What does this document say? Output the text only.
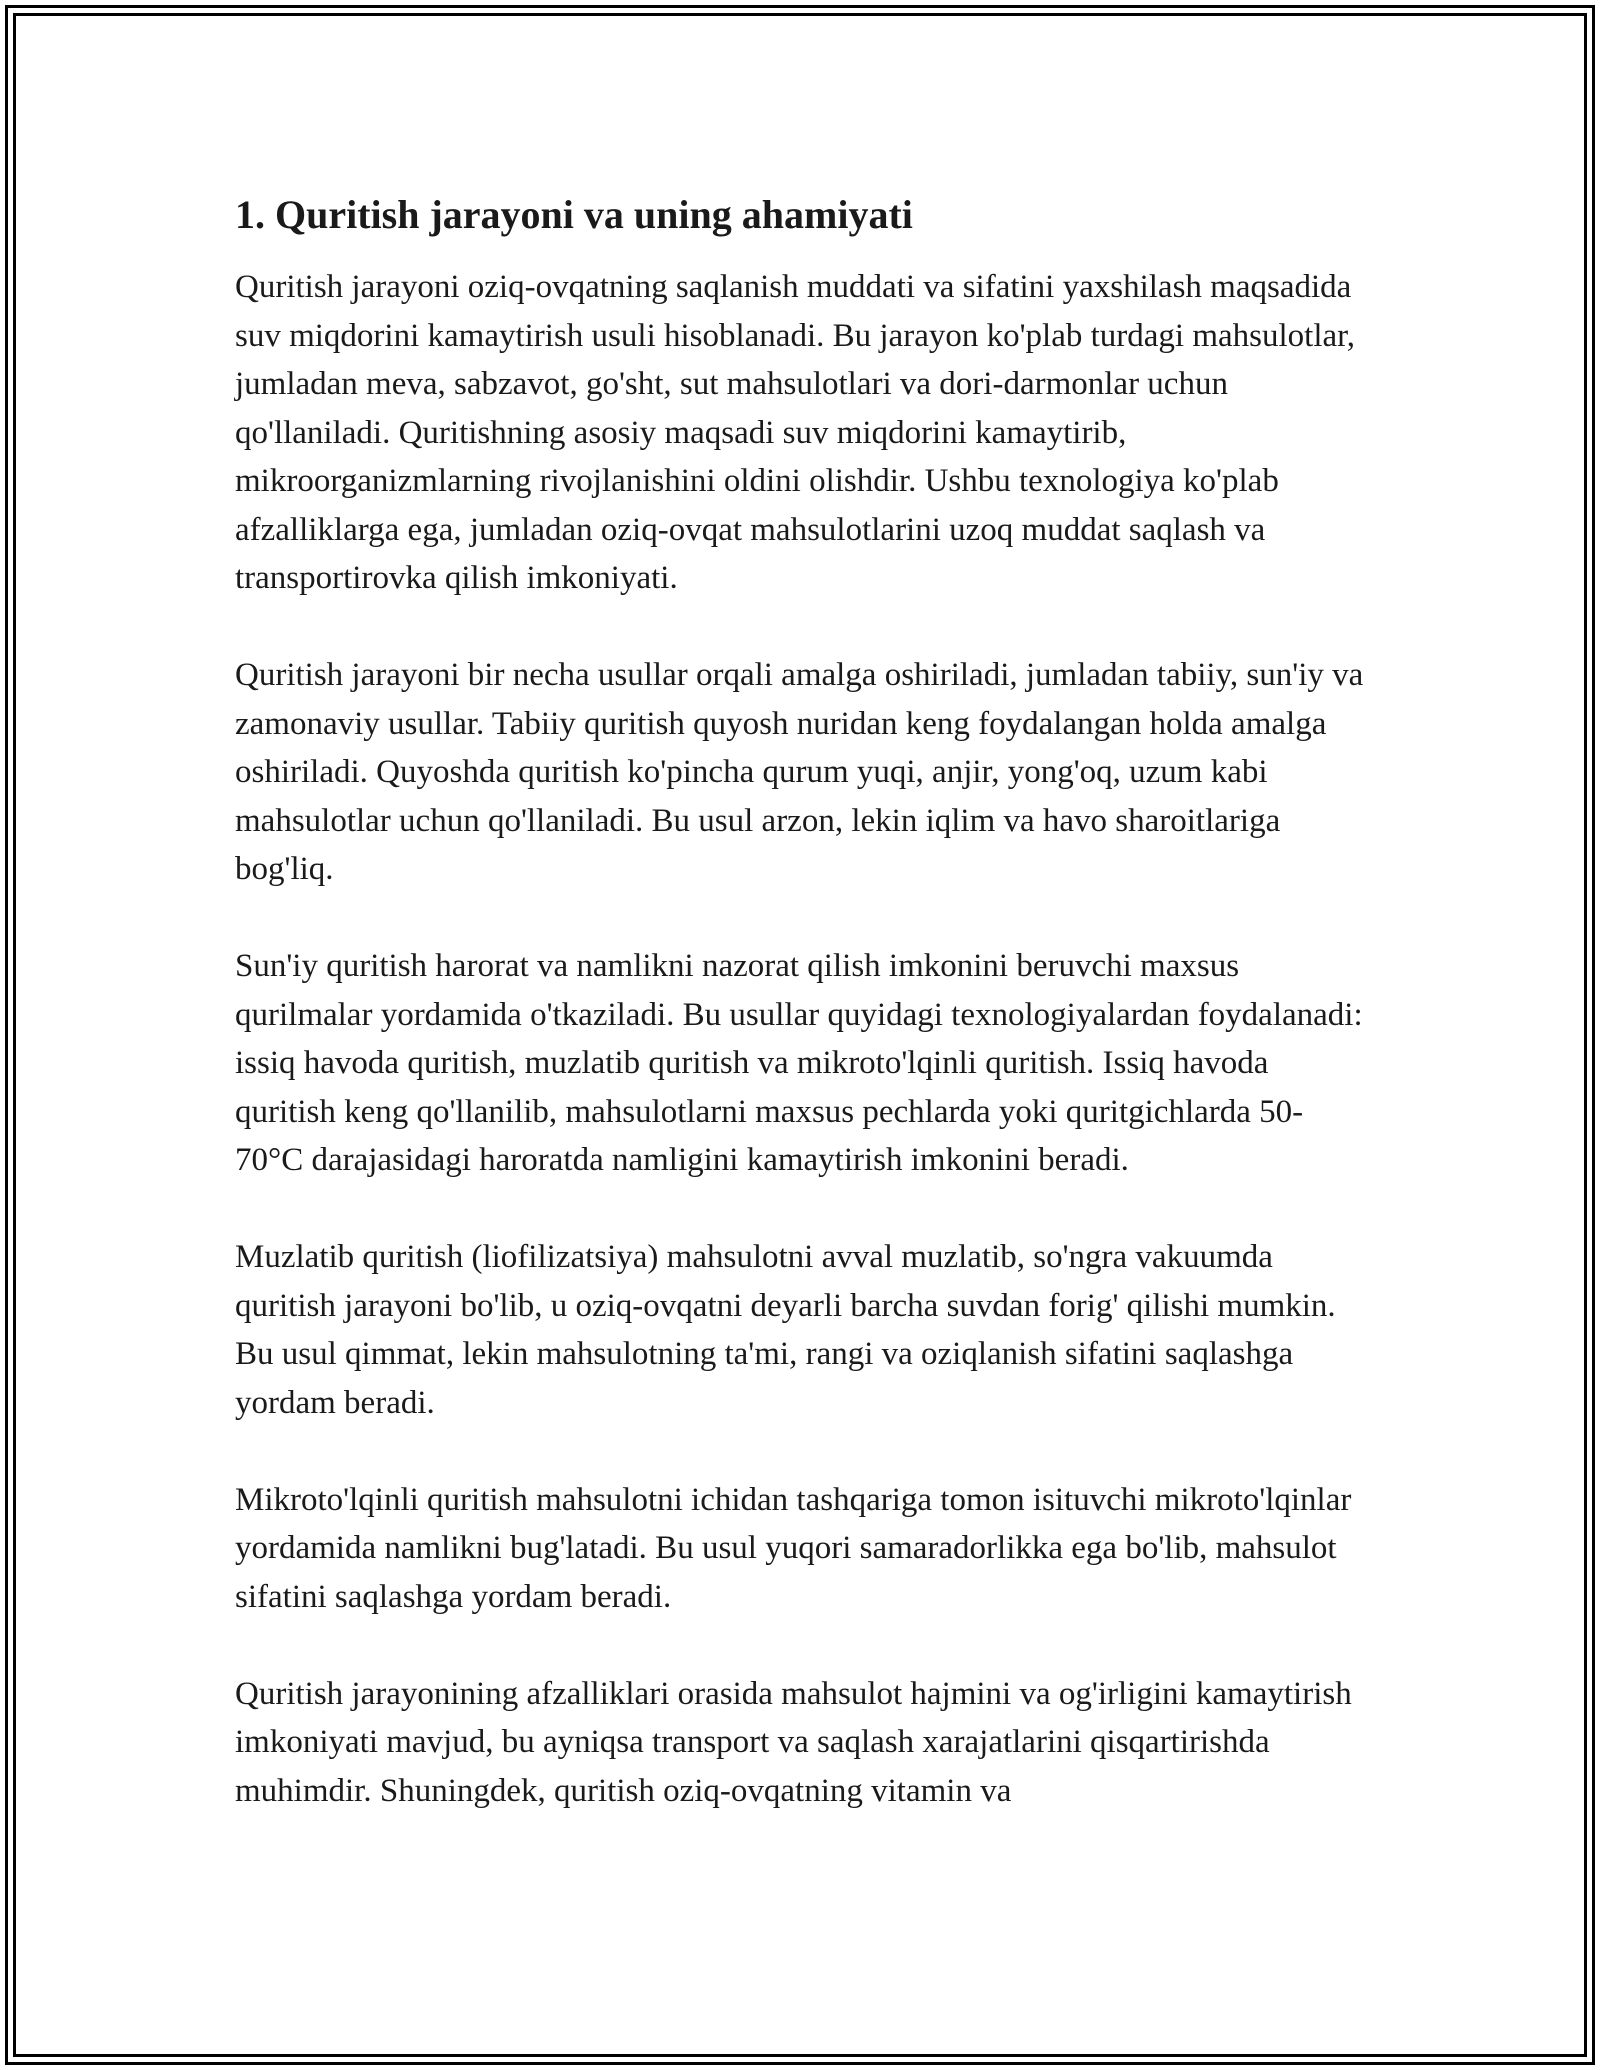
1. Quritish jarayoni va uning ahamiyati

Quritish jarayoni oziq-ovqatning saqlanish muddati va sifatini yaxshilash maqsadida suv miqdorini kamaytirish usuli hisoblanadi. Bu jarayon ko'plab turdagi mahsulotlar, jumladan meva, sabzavot, go'sht, sut mahsulotlari va dori-darmonlar uchun qo'llaniladi. Quritishning asosiy maqsadi suv miqdorini kamaytirib, mikroorganizmlarning rivojlanishini oldini olishdir. Ushbu texnologiya ko'plab afzalliklarga ega, jumladan oziq-ovqat mahsulotlarini uzoq muddat saqlash va transportirovka qilish imkoniyati.

Quritish jarayoni bir necha usullar orqali amalga oshiriladi, jumladan tabiiy, sun'iy va zamonaviy usullar. Tabiiy quritish quyosh nuridan keng foydalangan holda amalga oshiriladi. Quyoshda quritish ko'pincha qurum yuqi, anjir, yong'oq, uzum kabi mahsulotlar uchun qo'llaniladi. Bu usul arzon, lekin iqlim va havo sharoitlariga bog'liq.

Sun'iy quritish harorat va namlikni nazorat qilish imkonini beruvchi maxsus qurilmalar yordamida o'tkaziladi. Bu usullar quyidagi texnologiyalardan foydalanadi: issiq havoda quritish, muzlatib quritish va mikroto'lqinli quritish. Issiq havoda quritish keng qo'llanilib, mahsulotlarni maxsus pechlarda yoki quritgichlarda 50-70°C darajasidagi haroratda namligini kamaytirish imkonini beradi.

Muzlatib quritish (liofilizatsiya) mahsulotni avval muzlatib, so'ngra vakuumda quritish jarayoni bo'lib, u oziq-ovqatni deyarli barcha suvdan forig' qilishi mumkin. Bu usul qimmat, lekin mahsulotning ta'mi, rangi va oziqlanish sifatini saqlashga yordam beradi.

Mikroto'lqinli quritish mahsulotni ichidan tashqariga tomon isituvchi mikroto'lqinlar yordamida namlikni bug'latadi. Bu usul yuqori samaradorlikka ega bo'lib, mahsulot sifatini saqlashga yordam beradi.

Quritish jarayonining afzalliklari orasida mahsulot hajmini va og'irligini kamaytirish imkoniyati mavjud, bu ayniqsa transport va saqlash xarajatlarini qisqartirishda muhimdir. Shuningdek, quritish oziq-ovqatning vitamin va
